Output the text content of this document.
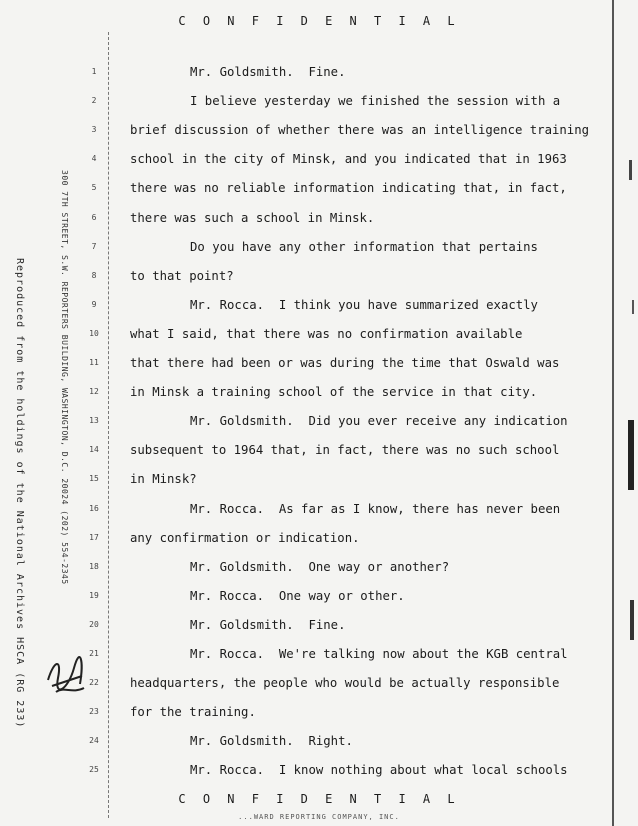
C O N F I D E N T I A L
Reproduced from the holdings of the National Archives HSCA (RG 233)	300 7TH STREET, S.W. REPORTERS BUILDING, WASHINGTON, D.C. 20024 (202) 554-2345
1	Mr. Goldsmith.  Fine.
2	I believe yesterday we finished the session with a
3	brief discussion of whether there was an intelligence training
4	school in the city of Minsk, and you indicated that in 1963
5	there was no reliable information indicating that, in fact,
6	there was such a school in Minsk.
7	Do you have any other information that pertains
8	to that point?
9	Mr. Rocca.  I think you have summarized exactly
10	what I said, that there was no confirmation available
11	that there had been or was during the time that Oswald was
12	in Minsk a training school of the service in that city.
13	Mr. Goldsmith.  Did you ever receive any indication
14	subsequent to 1964 that, in fact, there was no such school
15	in Minsk?
16	Mr. Rocca.  As far as I know, there has never been
17	any confirmation or indication.
18	Mr. Goldsmith.  One way or another?
19	Mr. Rocca.  One way or other.
20	Mr. Goldsmith.  Fine.
21	Mr. Rocca.  We're talking now about the KGB central
22	headquarters, the people who would be actually responsible
23	for the training.
24	Mr. Goldsmith.  Right.
25	Mr. Rocca.  I know nothing about what local schools
C O N F I D E N T I A L
...WARD REPORTING COMPANY, INC.
